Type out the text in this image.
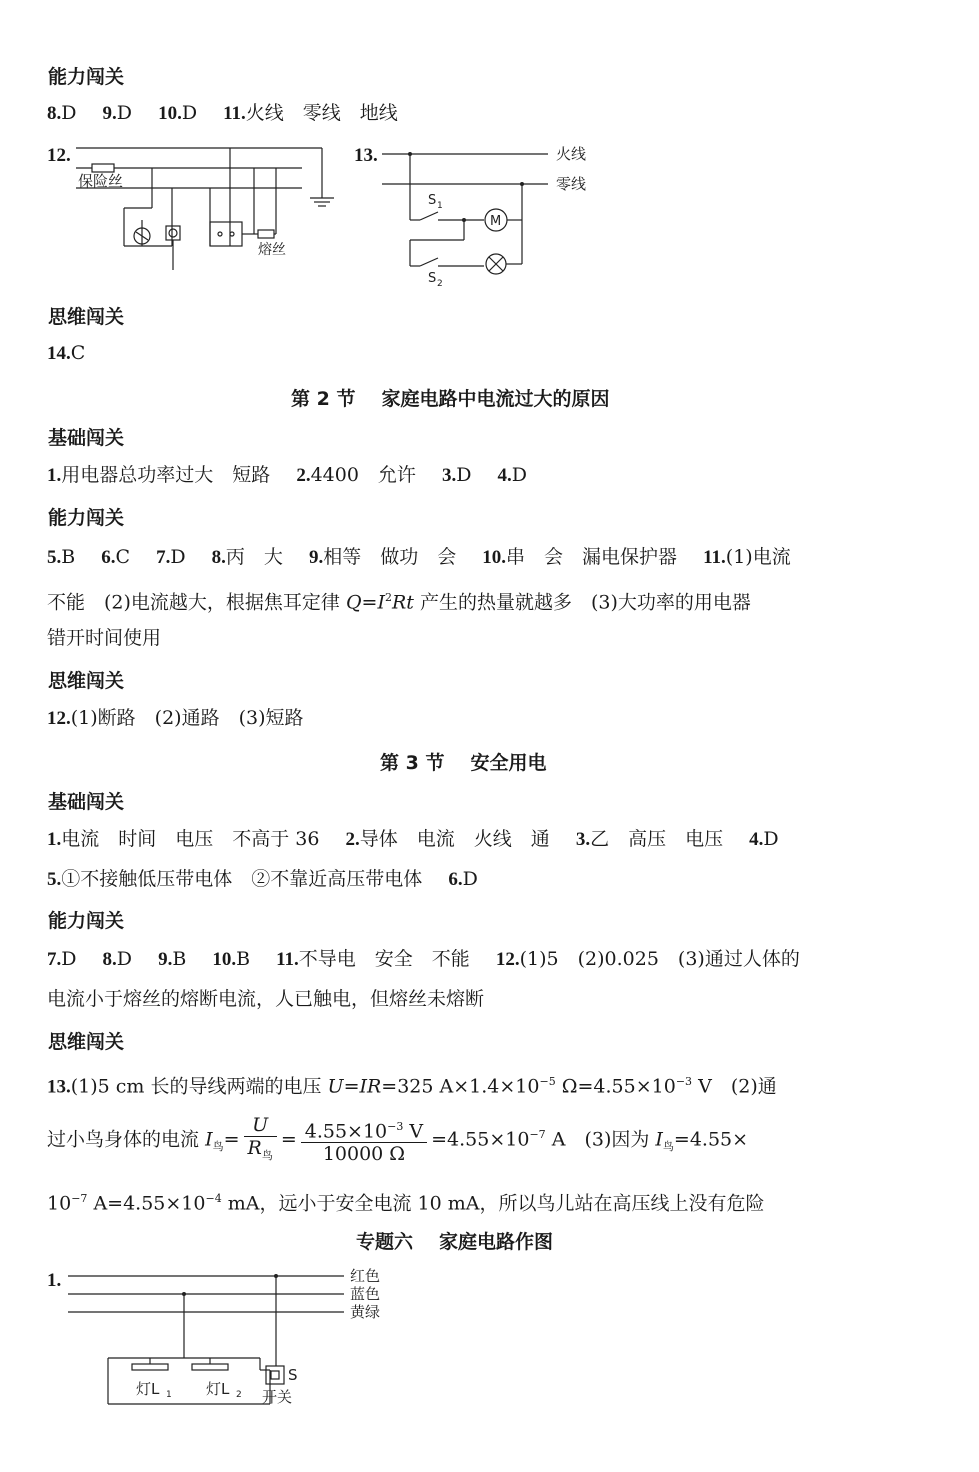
能力闯关
8.D 9.D 10.D 11.火线　零线　地线
12.
保险丝
熔丝
13.
M
火线
零线
S 1
S 2
思维闯关
14.C
第 2 节 家庭电路中电流过大的原因
基础闯关
1.用电器总功率过大　短路 2.4400　允许 3.D 4.D
能力闯关
5.B 6.C 7.D 8.丙　大 9.相等　做功　会 10.串　会　漏电保护器 11.(1)电流
不能　(2)电流越大，根据焦耳定律 $Q=I^2Rt$ 产生的热量就越多　(3)大功率的用电器
错开时间使用
思维闯关
12.(1)断路　(2)通路　(3)短路
第 3 节 安全用电
基础闯关
1.电流　时间　电压　不高于 36 2.导体　电流　火线　通 3.乙　高压　电压 4.D
5.①不接触低压带电体　②不靠近高压带电体 6.D
能力闯关
7.D 8.D 9.B 10.B 11.不导电　安全　不能 12.(1)5　(2)0.025　(3)通过人体的
电流小于熔丝的熔断电流，人已触电，但熔丝未熔断
思维闯关
13.(1)5 cm 长的导线两端的电压 U=IR=325 $A\times 1.4\times 10^{-5}$ $\Omega=4.55\times 10^{-3}$ V　(2)通
过小鸟身体的电流 $I_鸟= \frac{U}{R_鸟} = \frac{4.55\times 10^{-3} V}{10000 \Omega} =4.55\times 10^{-7}$ A　(3)因为 $I_鸟=4.55\times$
$10^{-7}$ $A=4.55\times 10^{-4}$ mA，远小于安全电流 10 mA，所以鸟儿站在高压线上没有危险
专题六 家庭电路作图
1.	红色
蓝色
黄绿
灯L 1 灯L 2
S
开关
